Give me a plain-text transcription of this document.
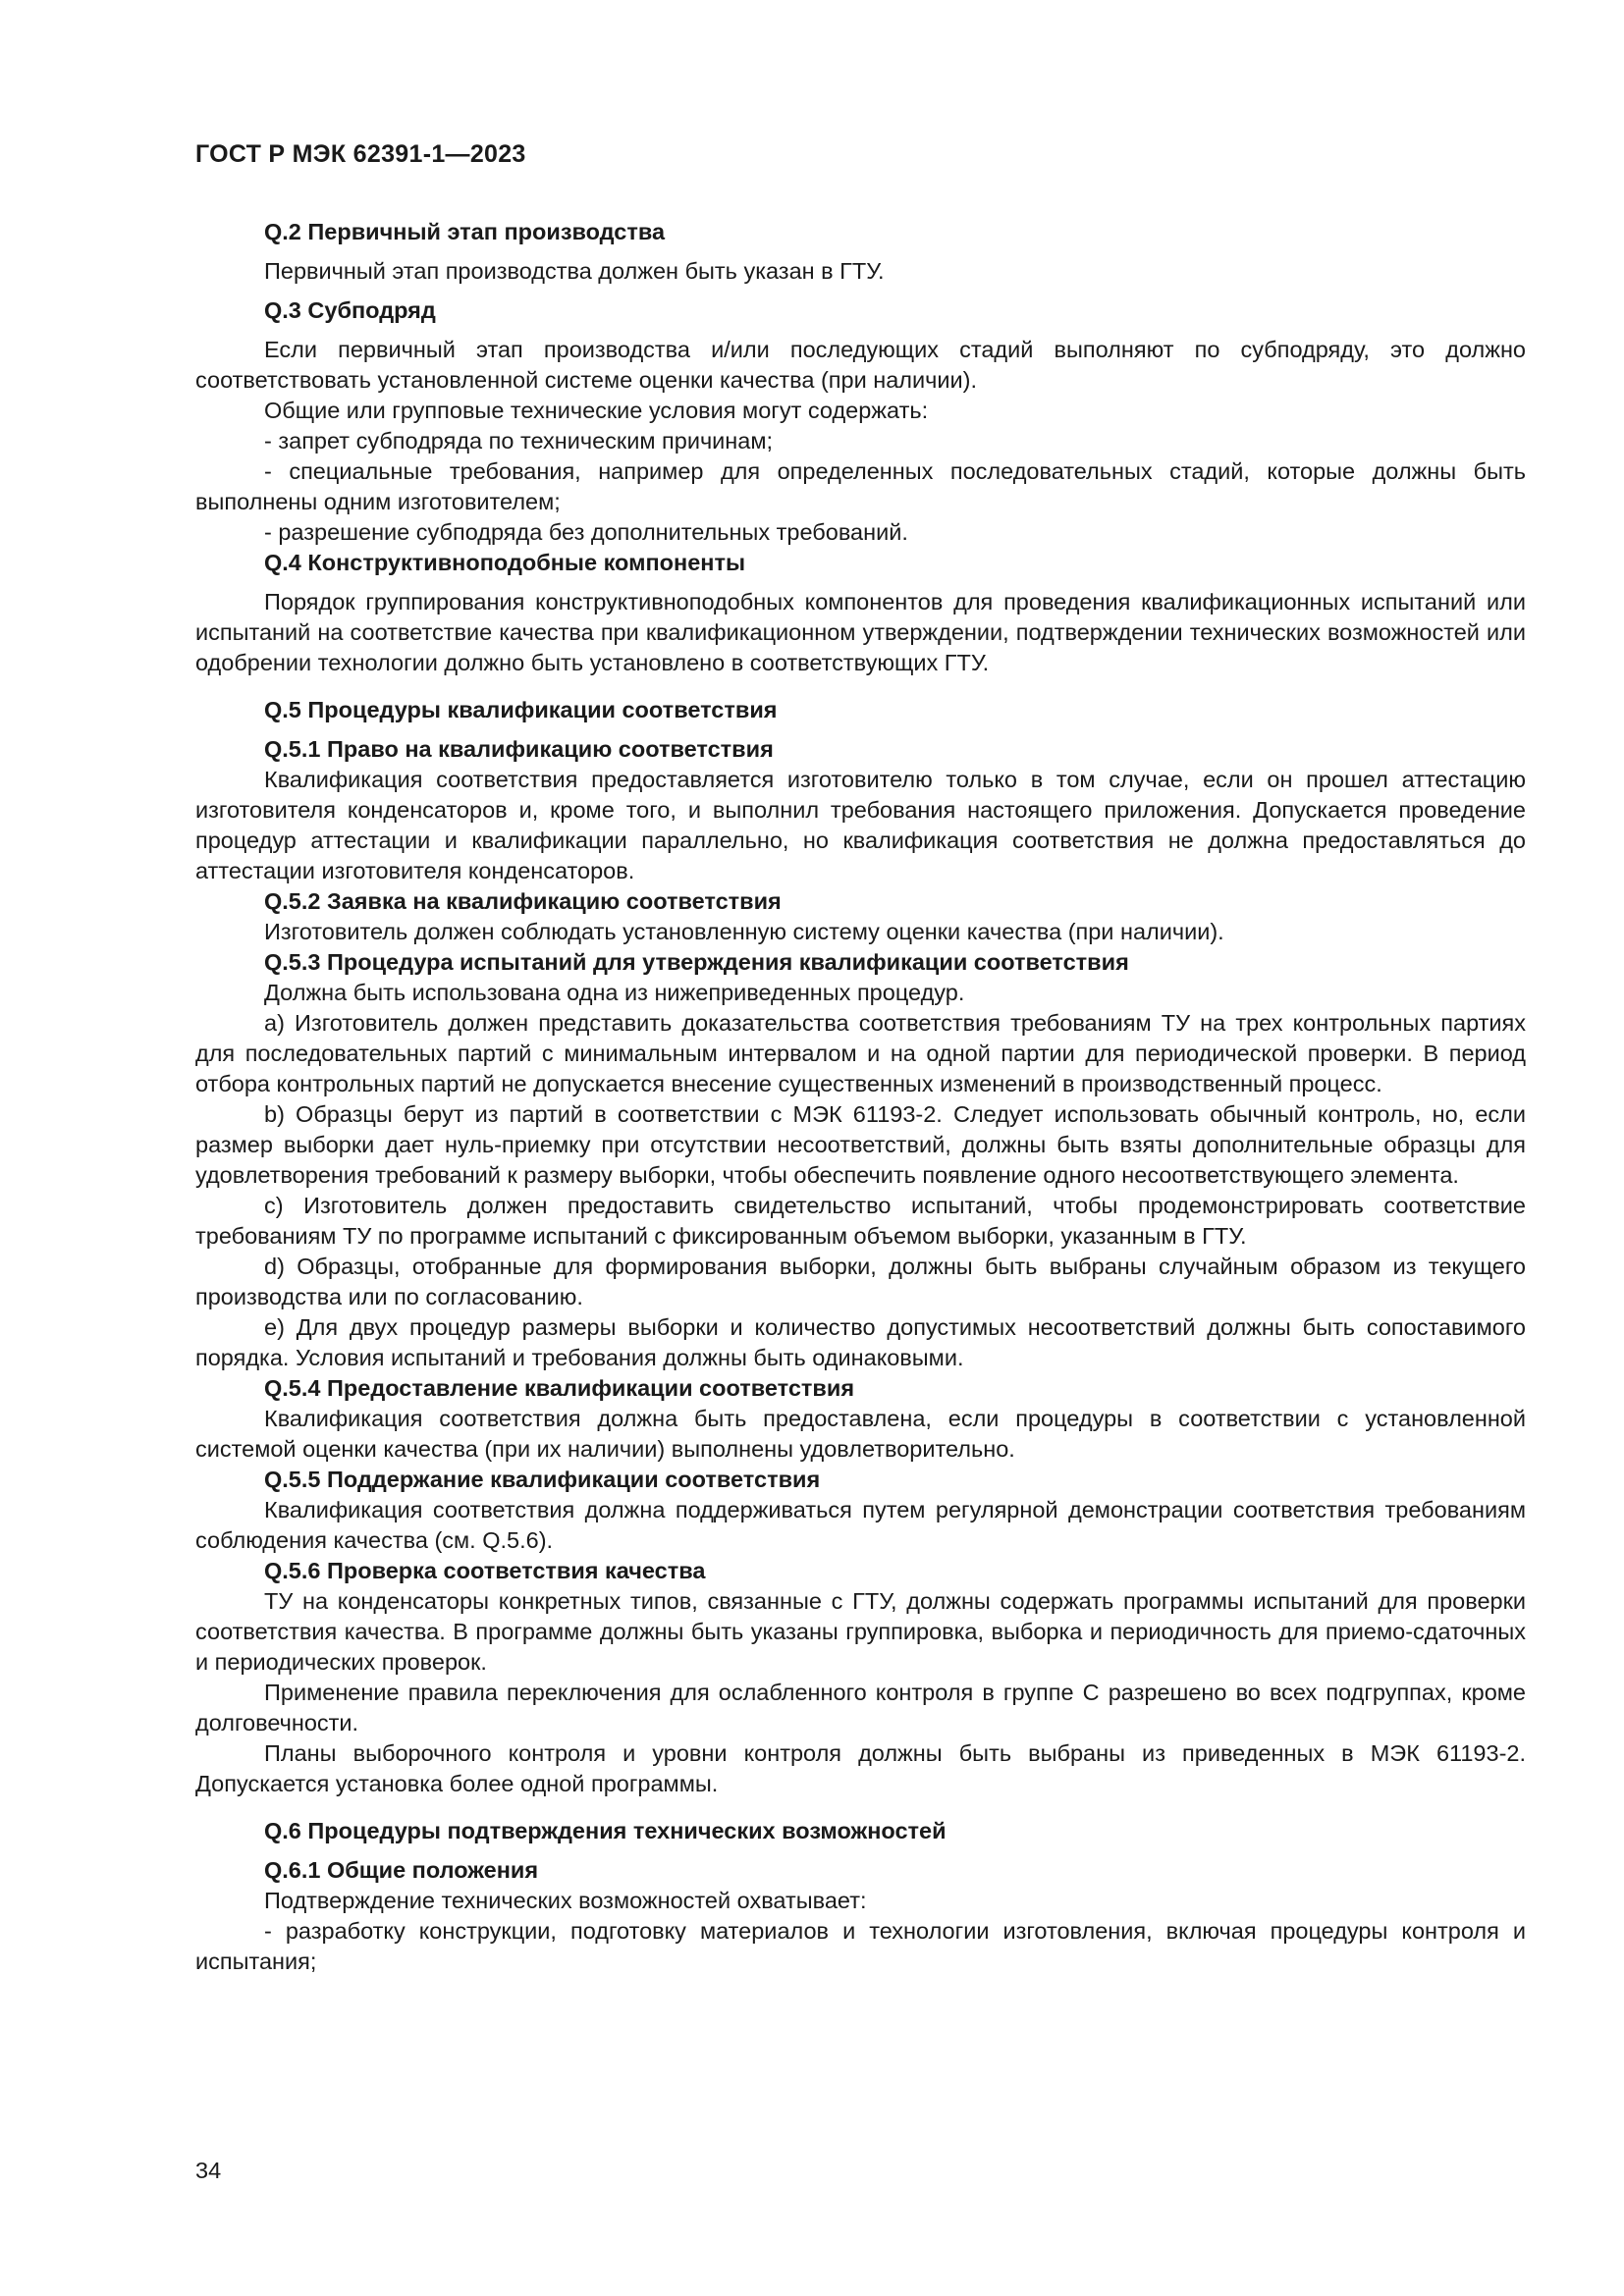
ГОСТ Р МЭК 62391-1—2023
Q.2 Первичный этап производства

Первичный этап производства должен быть указан в ГТУ.

Q.3 Субподряд

Если первичный этап производства и/или последующих стадий выполняют по субподряду, это должно соответствовать установленной системе оценки качества (при наличии).

Общие или групповые технические условия могут содержать:

- запрет субподряда по техническим причинам;

- специальные требования, например для определенных последовательных стадий, которые должны быть выполнены одним изготовителем;

- разрешение субподряда без дополнительных требований.

Q.4 Конструктивноподобные компоненты

Порядок группирования конструктивноподобных компонентов для проведения квалификационных испытаний или испытаний на соответствие качества при квалификационном утверждении, подтверждении технических возможностей или одобрении технологии должно быть установлено в соответствующих ГТУ.

Q.5 Процедуры квалификации соответствия
Q.5.1 Право на квалификацию соответствия

Квалификация соответствия предоставляется изготовителю только в том случае, если он прошел аттестацию изготовителя конденсаторов и, кроме того, и выполнил требования настоящего приложения. Допускается проведение процедур аттестации и квалификации параллельно, но квалификация соответствия не должна предоставляться до аттестации изготовителя конденсаторов.

Q.5.2 Заявка на квалификацию соответствия

Изготовитель должен соблюдать установленную систему оценки качества (при наличии).

Q.5.3 Процедура испытаний для утверждения квалификации соответствия

Должна быть использована одна из нижеприведенных процедур.

a) Изготовитель должен представить доказательства соответствия требованиям ТУ на трех контрольных партиях для последовательных партий с минимальным интервалом и на одной партии для периодической проверки. В период отбора контрольных партий не допускается внесение существенных изменений в производственный процесс.

b) Образцы берут из партий в соответствии с МЭК 61193-2. Следует использовать обычный контроль, но, если размер выборки дает нуль-приемку при отсутствии несоответствий, должны быть взяты дополнительные образцы для удовлетворения требований к размеру выборки, чтобы обеспечить появление одного несоответствующего элемента.

c) Изготовитель должен предоставить свидетельство испытаний, чтобы продемонстрировать соответствие требованиям ТУ по программе испытаний с фиксированным объемом выборки, указанным в ГТУ.

d) Образцы, отобранные для формирования выборки, должны быть выбраны случайным образом из текущего производства или по согласованию.

e) Для двух процедур размеры выборки и количество допустимых несоответствий должны быть сопоставимого порядка. Условия испытаний и требования должны быть одинаковыми.

Q.5.4 Предоставление квалификации соответствия

Квалификация соответствия должна быть предоставлена, если процедуры в соответствии с установленной системой оценки качества (при их наличии) выполнены удовлетворительно.

Q.5.5 Поддержание квалификации соответствия

Квалификация соответствия должна поддерживаться путем регулярной демонстрации соответствия требованиям соблюдения качества (см. Q.5.6).

Q.5.6 Проверка соответствия качества

ТУ на конденсаторы конкретных типов, связанные с ГТУ, должны содержать программы испытаний для проверки соответствия качества. В программе должны быть указаны группировка, выборка и периодичность для приемо-сдаточных и периодических проверок.

Применение правила переключения для ослабленного контроля в группе С разрешено во всех подгруппах, кроме долговечности.

Планы выборочного контроля и уровни контроля должны быть выбраны из приведенных в МЭК 61193-2. Допускается установка более одной программы.

Q.6 Процедуры подтверждения технических возможностей
Q.6.1 Общие положения

Подтверждение технических возможностей охватывает:

- разработку конструкции, подготовку материалов и технологии изготовления, включая процедуры контроля и испытания;

34
